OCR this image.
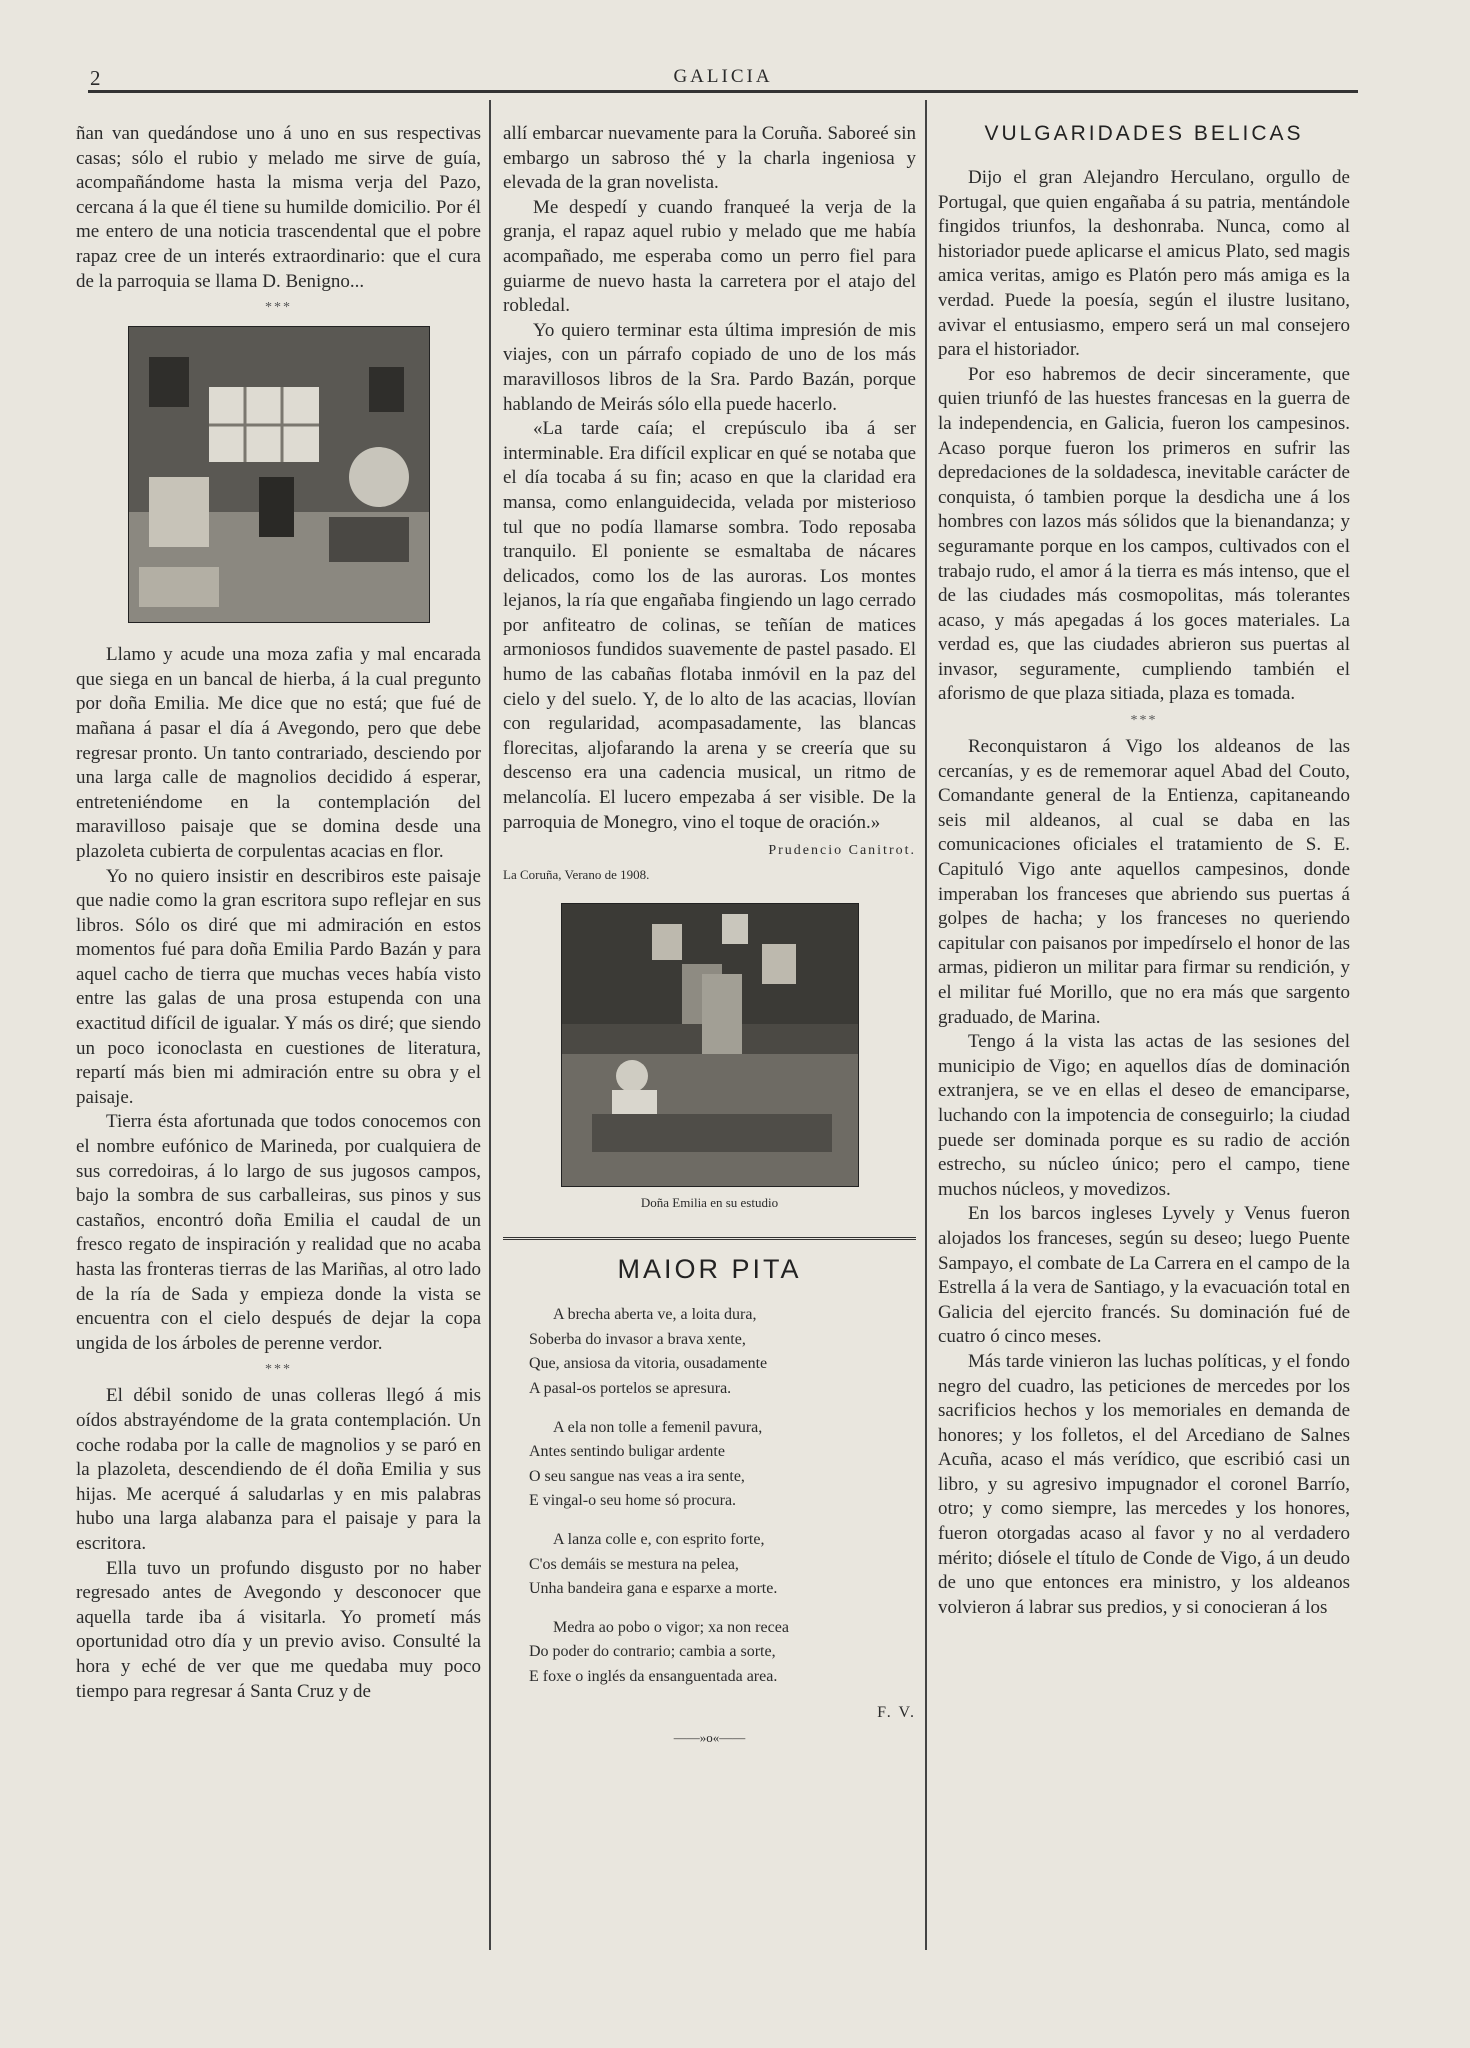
2	GALICIA

ñan van quedándose uno á uno en sus respectivas casas; sólo el rubio y melado me sirve de guía, acompañándome hasta la misma verja del Pazo, cercana á la que él tiene su humilde domicilio. Por él me entero de una noticia trascendental que el pobre rapaz cree de un interés extraordinario: que el cura de la parroquia se llama D. Benigno...

***

Llamo y acude una moza zafia y mal encarada que siega en un bancal de hierba, á la cual pregunto por doña Emilia. Me dice que no está; que fué de mañana á pasar el día á Avegondo, pero que debe regresar pronto. Un tanto contrariado, desciendo por una larga calle de magnolios decidido á esperar, entreteniéndome en la contemplación del maravilloso paisaje que se domina desde una plazoleta cubierta de corpulentas acacias en flor.

Yo no quiero insistir en describiros este paisaje que nadie como la gran escritora supo reflejar en sus libros. Sólo os diré que mi admiración en estos momentos fué para doña Emilia Pardo Bazán y para aquel cacho de tierra que muchas veces había visto entre las galas de una prosa estupenda con una exactitud difícil de igualar. Y más os diré; que siendo un poco iconoclasta en cuestiones de literatura, repartí más bien mi admiración entre su obra y el paisaje.

Tierra ésta afortunada que todos conocemos con el nombre eufónico de Marineda, por cualquiera de sus corredoiras, á lo largo de sus jugosos campos, bajo la sombra de sus carballeiras, sus pinos y sus castaños, encontró doña Emilia el caudal de un fresco regato de inspiración y realidad que no acaba hasta las fronteras tierras de las Mariñas, al otro lado de la ría de Sada y empieza donde la vista se encuentra con el cielo después de dejar la copa ungida de los árboles de perenne verdor.

***

El débil sonido de unas colleras llegó á mis oídos abstrayéndome de la grata contemplación. Un coche rodaba por la calle de magnolios y se paró en la plazoleta, descendiendo de él doña Emilia y sus hijas. Me acerqué á saludarlas y en mis palabras hubo una larga alabanza para el paisaje y para la escritora.

Ella tuvo un profundo disgusto por no haber regresado antes de Avegondo y desconocer que aquella tarde iba á visitarla. Yo prometí más oportunidad otro día y un previo aviso. Consulté la hora y eché de ver que me quedaba muy poco tiempo para regresar á Santa Cruz y de

allí embarcar nuevamente para la Coruña. Saboreé sin embargo un sabroso thé y la charla ingeniosa y elevada de la gran novelista.

Me despedí y cuando franqueé la verja de la granja, el rapaz aquel rubio y melado que me había acompañado, me esperaba como un perro fiel para guiarme de nuevo hasta la carretera por el atajo del robledal.

Yo quiero terminar esta última impresión de mis viajes, con un párrafo copiado de uno de los más maravillosos libros de la Sra. Pardo Bazán, porque hablando de Meirás sólo ella puede hacerlo.

«La tarde caía; el crepúsculo iba á ser interminable. Era difícil explicar en qué se notaba que el día tocaba á su fin; acaso en que la claridad era mansa, como enlanguidecida, velada por misterioso tul que no podía llamarse sombra. Todo reposaba tranquilo. El poniente se esmaltaba de nácares delicados, como los de las auroras. Los montes lejanos, la ría que engañaba fingiendo un lago cerrado por anfiteatro de colinas, se teñían de matices armoniosos fundidos suavemente de pastel pasado. El humo de las cabañas flotaba inmóvil en la paz del cielo y del suelo. Y, de lo alto de las acacias, llovían con regularidad, acompasadamente, las blancas florecitas, aljofarando la arena y se creería que su descenso era una cadencia musical, un ritmo de melancolía. El lucero empezaba á ser visible. De la parroquia de Monegro, vino el toque de oración.»

Prudencio Canitrot.
La Coruña, Verano de 1908.
Doña Emilia en su estudio
MAIOR PITA

A brecha aberta ve, a loita dura,

Soberba do invasor a brava xente,

Que, ansiosa da vitoria, ousadamente

A pasal-os portelos se apresura.

A ela non tolle a femenil pavura,

Antes sentindo buligar ardente

O seu sangue nas veas a ira sente,

E vingal-o seu home só procura.

A lanza colle e, con esprito forte,

C'os demáis se mestura na pelea,

Unha bandeira gana e esparxe a morte.

Medra ao pobo o vigor; xa non recea

Do poder do contrario; cambia a sorte,

E foxe o inglés da ensanguentada area.

F. V.
——»o«——
VULGARIDADES BELICAS

Dijo el gran Alejandro Herculano, orgullo de Portugal, que quien engañaba á su patria, mentándole fingidos triunfos, la deshonraba. Nunca, como al historiador puede aplicarse el amicus Plato, sed magis amica veritas, amigo es Platón pero más amiga es la verdad. Puede la poesía, según el ilustre lusitano, avivar el entusiasmo, empero será un mal consejero para el historiador.

Por eso habremos de decir sinceramente, que quien triunfó de las huestes francesas en la guerra de la independencia, en Galicia, fueron los campesinos. Acaso porque fueron los primeros en sufrir las depredaciones de la soldadesca, inevitable carácter de conquista, ó tambien porque la desdicha une á los hombres con lazos más sólidos que la bienandanza; y seguramante porque en los campos, cultivados con el trabajo rudo, el amor á la tierra es más intenso, que el de las ciudades más cosmopolitas, más tolerantes acaso, y más apegadas á los goces materiales. La verdad es, que las ciudades abrieron sus puertas al invasor, seguramente, cumpliendo también el aforismo de que plaza sitiada, plaza es tomada.

***

Reconquistaron á Vigo los aldeanos de las cercanías, y es de rememorar aquel Abad del Couto, Comandante general de la Entienza, capitaneando seis mil aldeanos, al cual se daba en las comunicaciones oficiales el tratamiento de S. E. Capituló Vigo ante aquellos campesinos, donde imperaban los franceses que abriendo sus puertas á golpes de hacha; y los franceses no queriendo capitular con paisanos por impedírselo el honor de las armas, pidieron un militar para firmar su rendición, y el militar fué Morillo, que no era más que sargento graduado, de Marina.

Tengo á la vista las actas de las sesiones del municipio de Vigo; en aquellos días de dominación extranjera, se ve en ellas el deseo de emanciparse, luchando con la impotencia de conseguirlo; la ciudad puede ser dominada porque es su radio de acción estrecho, su núcleo único; pero el campo, tiene muchos núcleos, y movedizos.

En los barcos ingleses Lyvely y Venus fueron alojados los franceses, según su deseo; luego Puente Sampayo, el combate de La Carrera en el campo de la Estrella á la vera de Santiago, y la evacuación total en Galicia del ejercito francés. Su dominación fué de cuatro ó cinco meses.

Más tarde vinieron las luchas políticas, y el fondo negro del cuadro, las peticiones de mercedes por los sacrificios hechos y los memoriales en demanda de honores; y los folletos, el del Arcediano de Salnes Acuña, acaso el más verídico, que escribió casi un libro, y su agresivo impugnador el coronel Barrío, otro; y como siempre, las mercedes y los honores, fueron otorgadas acaso al favor y no al verdadero mérito; diósele el título de Conde de Vigo, á un deudo de uno que entonces era ministro, y los aldeanos volvieron á labrar sus predios, y si conocieran á los
